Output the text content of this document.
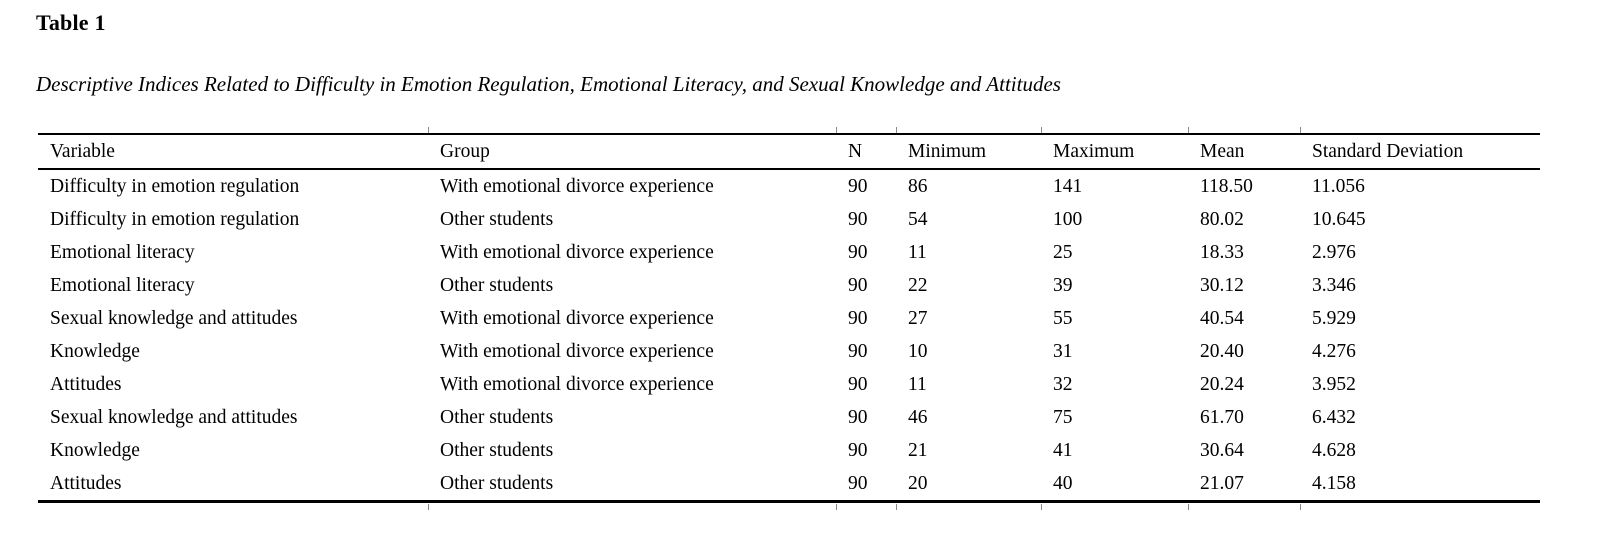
Table 1
Descriptive Indices Related to Difficulty in Emotion Regulation, Emotional Literacy, and Sexual Knowledge and Attitudes
Variable	Group	N	Minimum	Maximum	Mean	Standard Deviation
Difficulty in emotion regulation	With emotional divorce experience	90	86	141	118.50	11.056
Difficulty in emotion regulation	Other students	90	54	100	80.02	10.645
Emotional literacy	With emotional divorce experience	90	11	25	18.33	2.976
Emotional literacy	Other students	90	22	39	30.12	3.346
Sexual knowledge and attitudes	With emotional divorce experience	90	27	55	40.54	5.929
Knowledge	With emotional divorce experience	90	10	31	20.40	4.276
Attitudes	With emotional divorce experience	90	11	32	20.24	3.952
Sexual knowledge and attitudes	Other students	90	46	75	61.70	6.432
Knowledge	Other students	90	21	41	30.64	4.628
Attitudes	Other students	90	20	40	21.07	4.158
